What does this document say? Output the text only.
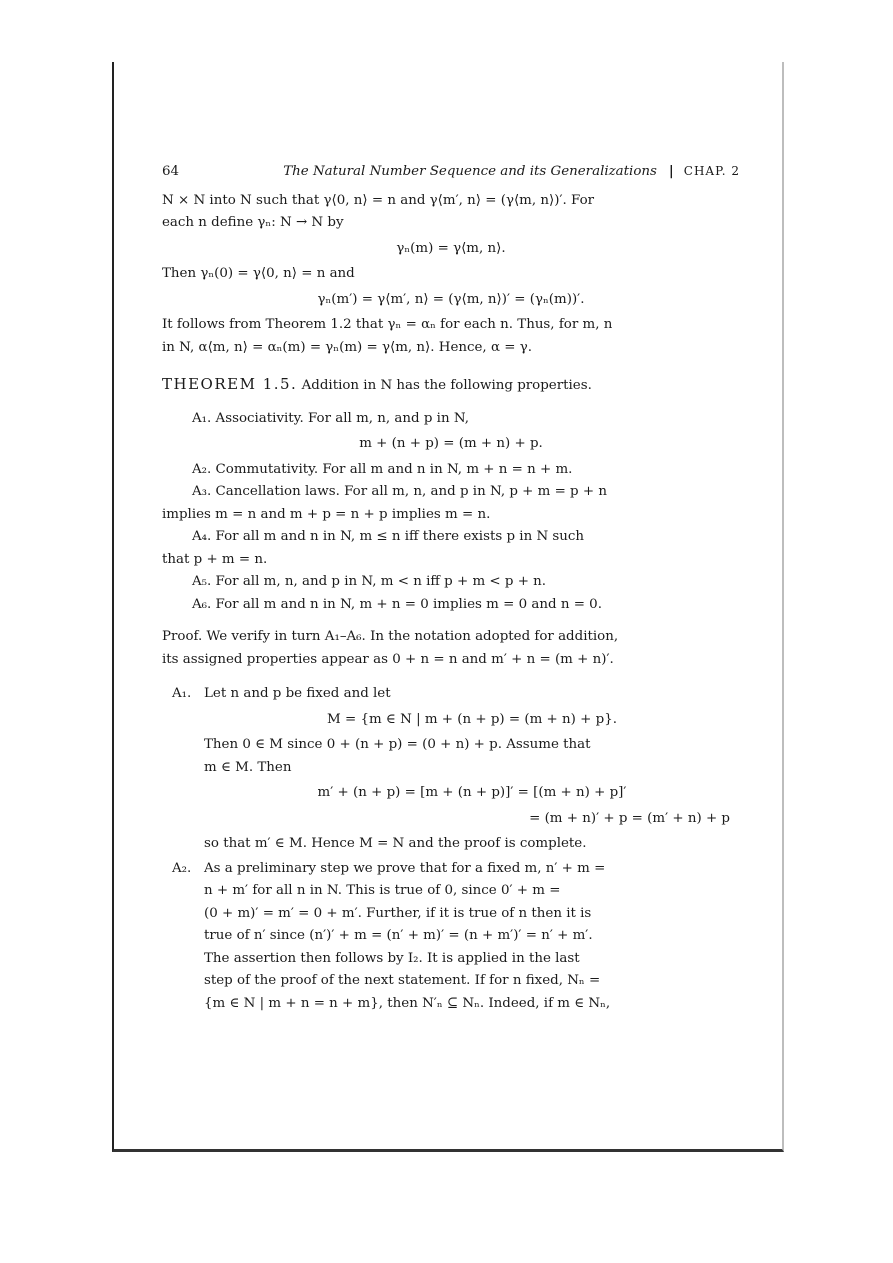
64	The Natural Number Sequence and its Generalizations | CHAP. 2

N × N into N such that γ⟨0, n⟩ = n and γ⟨m′, n⟩ = (γ⟨m, n⟩)′. For

each n define γₙ: N → N by

γₙ(m) = γ⟨m, n⟩.

Then γₙ(0) = γ⟨0, n⟩ = n and

γₙ(m′) = γ⟨m′, n⟩ = (γ⟨m, n⟩)′ = (γₙ(m))′.

It follows from Theorem 1.2 that γₙ = αₙ for each n. Thus, for m, n

in N, α⟨m, n⟩ = αₙ(m) = γₙ(m) = γ⟨m, n⟩. Hence, α = γ.

THEOREM 1.5. Addition in N has the following properties.

A₁. Associativity. For all m, n, and p in N,

m + (n + p) = (m + n) + p.

A₂. Commutativity. For all m and n in N, m + n = n + m.

A₃. Cancellation laws. For all m, n, and p in N, p + m = p + n

implies m = n and m + p = n + p implies m = n.

A₄. For all m and n in N, m ≤ n iff there exists p in N such

that p + m = n.

A₅. For all m, n, and p in N, m < n iff p + m < p + n.

A₆. For all m and n in N, m + n = 0 implies m = 0 and n = 0.

Proof. We verify in turn A₁–A₆. In the notation adopted for addition,

its assigned properties appear as 0 + n = n and m′ + n = (m + n)′.

A₁. Let n and p be fixed and let

M = {m ∈ N | m + (n + p) = (m + n) + p}.

Then 0 ∈ M since 0 + (n + p) = (0 + n) + p. Assume that

m ∈ M. Then

m′ + (n + p) = [m + (n + p)]′ = [(m + n) + p]′

= (m + n)′ + p = (m′ + n) + p

so that m′ ∈ M. Hence M = N and the proof is complete.

A₂. As a preliminary step we prove that for a fixed m, n′ + m =

n + m′ for all n in N. This is true of 0, since 0′ + m =

(0 + m)′ = m′ = 0 + m′. Further, if it is true of n then it is

true of n′ since (n′)′ + m = (n′ + m)′ = (n + m′)′ = n′ + m′.

The assertion then follows by I₂. It is applied in the last

step of the proof of the next statement. If for n fixed, Nₙ =

{m ∈ N | m + n = n + m}, then N′ₙ ⊆ Nₙ. Indeed, if m ∈ Nₙ,
